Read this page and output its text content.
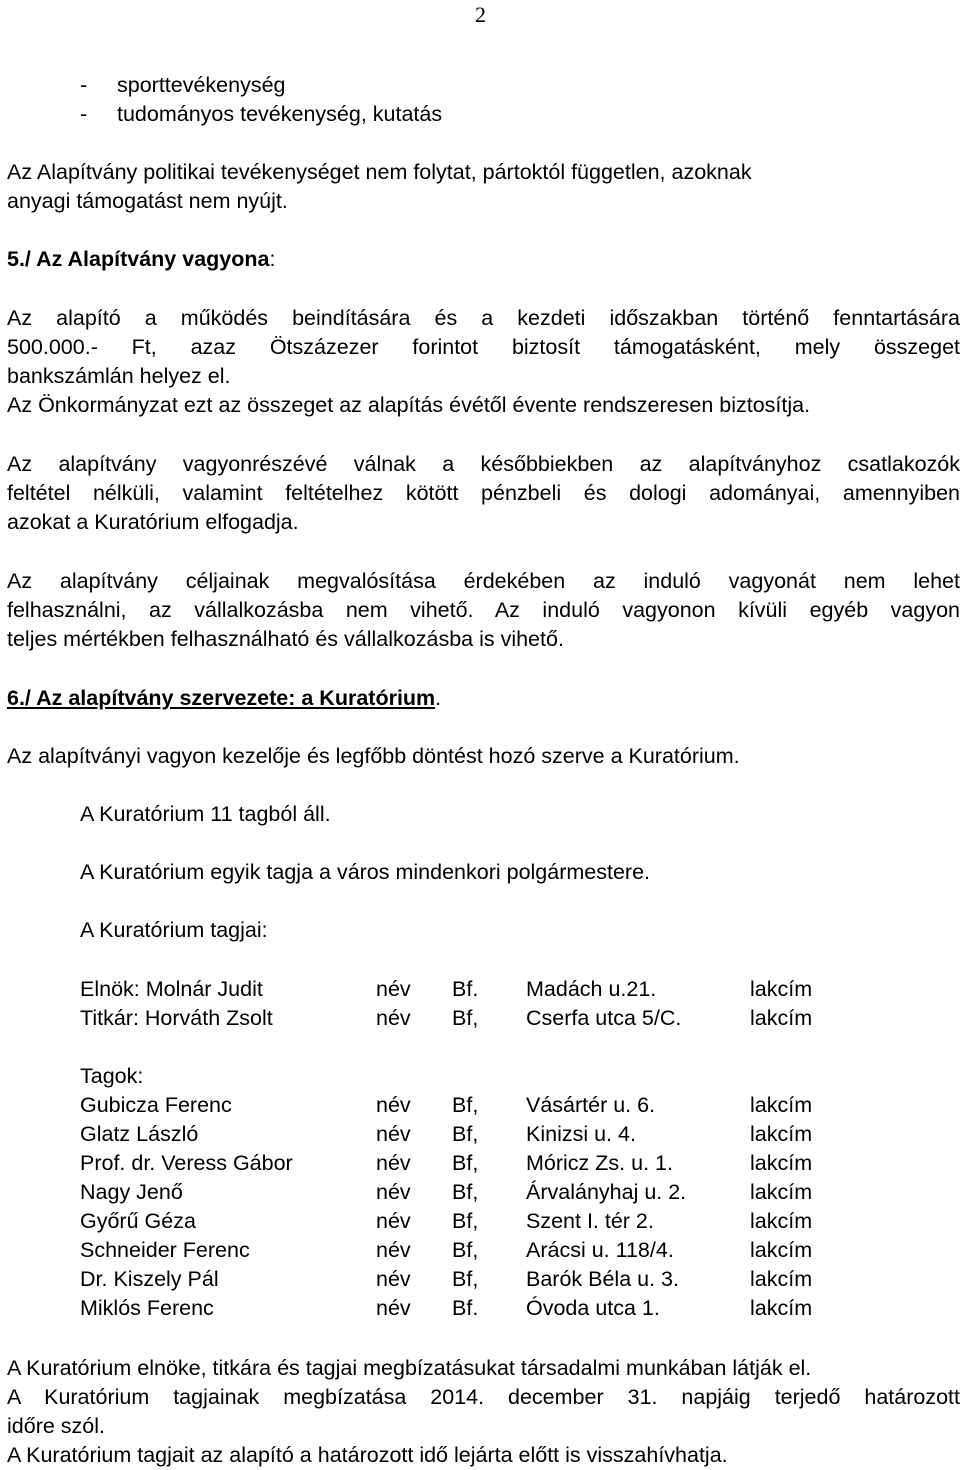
2
- sporttevékenység
- tudományos tevékenység, kutatás
Az Alapítvány politikai tevékenységet nem folytat, pártoktól független, azoknak
anyagi támogatást nem nyújt.
5./ Az Alapítvány vagyona:
Az alapító a működés beindítására és a kezdeti időszakban történő fenntartására
500.000.- Ft, azaz Ötszázezer forintot biztosít támogatásként, mely összeget
bankszámlán helyez el.
Az Önkormányzat ezt az összeget az alapítás évétől évente rendszeresen biztosítja.
Az alapítvány vagyonrészévé válnak a későbbiekben az alapítványhoz csatlakozók
feltétel nélküli, valamint feltételhez kötött pénzbeli és dologi adományai, amennyiben
azokat a Kuratórium elfogadja.
Az alapítvány céljainak megvalósítása érdekében az induló vagyonát nem lehet
felhasználni, az vállalkozásba nem vihető. Az induló vagyonon kívüli egyéb vagyon
teljes mértékben felhasználható és vállalkozásba is vihető.
6./ Az alapítvány szervezete: a Kuratórium.
Az alapítványi vagyon kezelője és legfőbb döntést hozó szerve a Kuratórium.
A Kuratórium 11 tagból áll.
A Kuratórium egyik tagja a város mindenkori polgármestere.
A Kuratórium tagjai:
Elnök: Molnár Judit	név Bf. Madách u.21.	lakcím
Titkár: Horváth Zsolt	név Bf, Cserfa utca 5/C.	lakcím
Tagok:
Gubicza Ferenc	név Bf, Vásártér u. 6.	lakcím
Glatz László	név Bf, Kinizsi u. 4.	lakcím
Prof. dr. Veress Gábor	név Bf, Móricz Zs. u. 1.	lakcím
Nagy Jenő	név Bf, Árvalányhaj u. 2.	lakcím
Győrű Géza	név Bf, Szent I. tér 2.	lakcím
Schneider Ferenc	név Bf, Arácsi u. 118/4.	lakcím
Dr. Kiszely Pál	név Bf, Barók Béla u. 3.	lakcím
Miklós Ferenc	név Bf. Óvoda utca 1.	lakcím
A Kuratórium elnöke, titkára és tagjai megbízatásukat társadalmi munkában látják el.
A Kuratórium tagjainak megbízatása 2014. december 31. napjáig terjedő határozott
időre szól.
A Kuratórium tagjait az alapító a határozott idő lejárta előtt is visszahívhatja.
